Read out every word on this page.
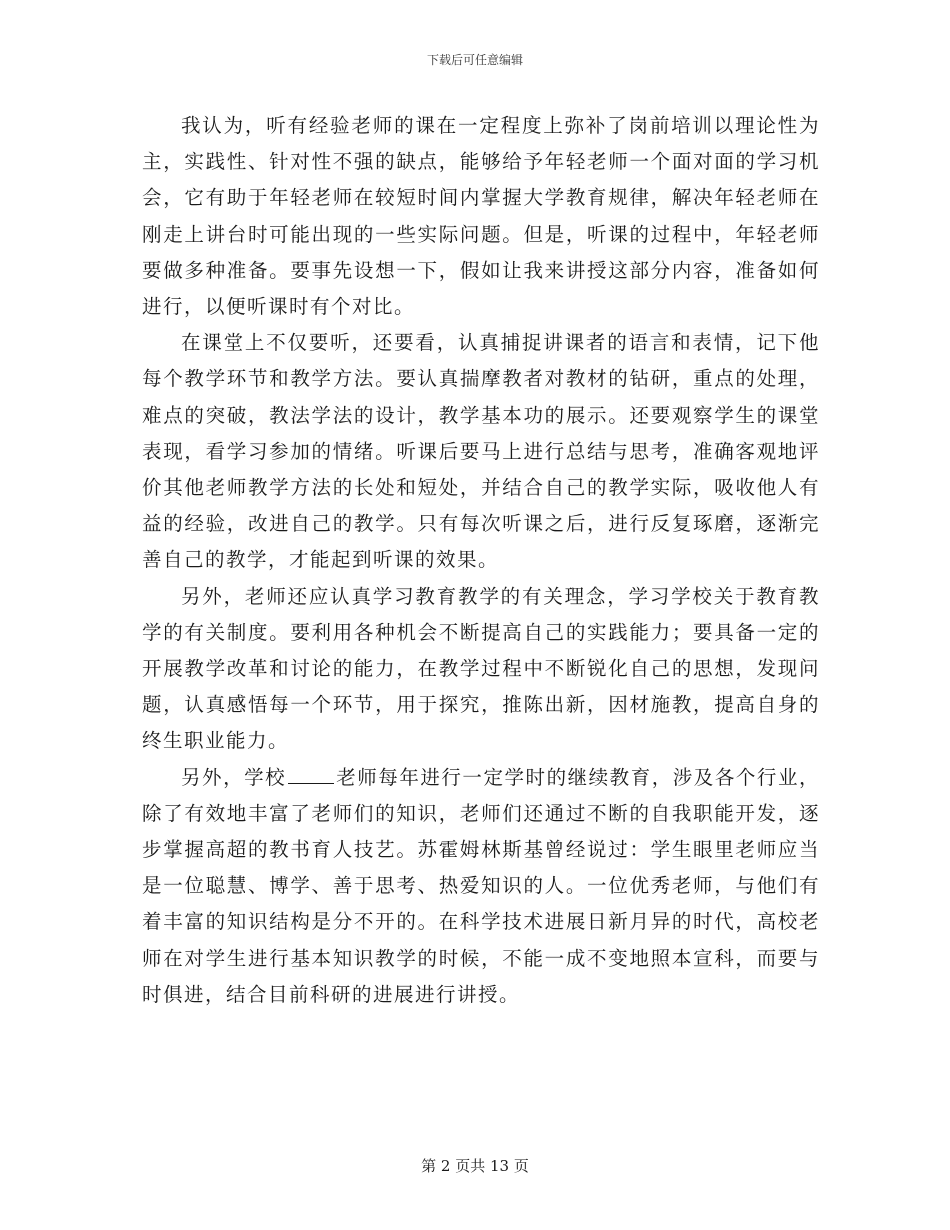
下载后可任意编辑

我认为，听有经验老师的课在一定程度上弥补了岗前培训以理论性为主，实践性、针对性不强的缺点，能够给予年轻老师一个面对面的学习机会，它有助于年轻老师在较短时间内掌握大学教育规律，解决年轻老师在刚走上讲台时可能出现的一些实际问题。但是，听课的过程中，年轻老师要做多种准备。要事先设想一下，假如让我来讲授这部分内容，准备如何进行，以便听课时有个对比。

在课堂上不仅要听，还要看，认真捕捉讲课者的语言和表情，记下他每个教学环节和教学方法。要认真揣摩教者对教材的钻研，重点的处理，难点的突破，教法学法的设计，教学基本功的展示。还要观察学生的课堂表现，看学习参加的情绪。听课后要马上进行总结与思考，准确客观地评价其他老师教学方法的长处和短处，并结合自己的教学实际，吸收他人有益的经验，改进自己的教学。只有每次听课之后，进行反复琢磨，逐渐完善自己的教学，才能起到听课的效果。

另外，老师还应认真学习教育教学的有关理念，学习学校关于教育教学的有关制度。要利用各种机会不断提高自己的实践能力；要具备一定的开展教学改革和讨论的能力，在教学过程中不断锐化自己的思想，发现问题，认真感悟每一个环节，用于探究，推陈出新，因材施教，提高自身的终生职业能力。

另外，学校	老师每年进行一定学时的继续教育，涉及各个行业，除了有效地丰富了老师们的知识，老师们还通过不断的自我职能开发，逐步掌握高超的教书育人技艺。苏霍姆林斯基曾经说过：学生眼里老师应当是一位聪慧、博学、善于思考、热爱知识的人。一位优秀老师，与他们有着丰富的知识结构是分不开的。在科学技术进展日新月异的时代，高校老师在对学生进行基本知识教学的时候，不能一成不变地照本宣科，而要与时俱进，结合目前科研的进展进行讲授。

第 2 页共 13 页
